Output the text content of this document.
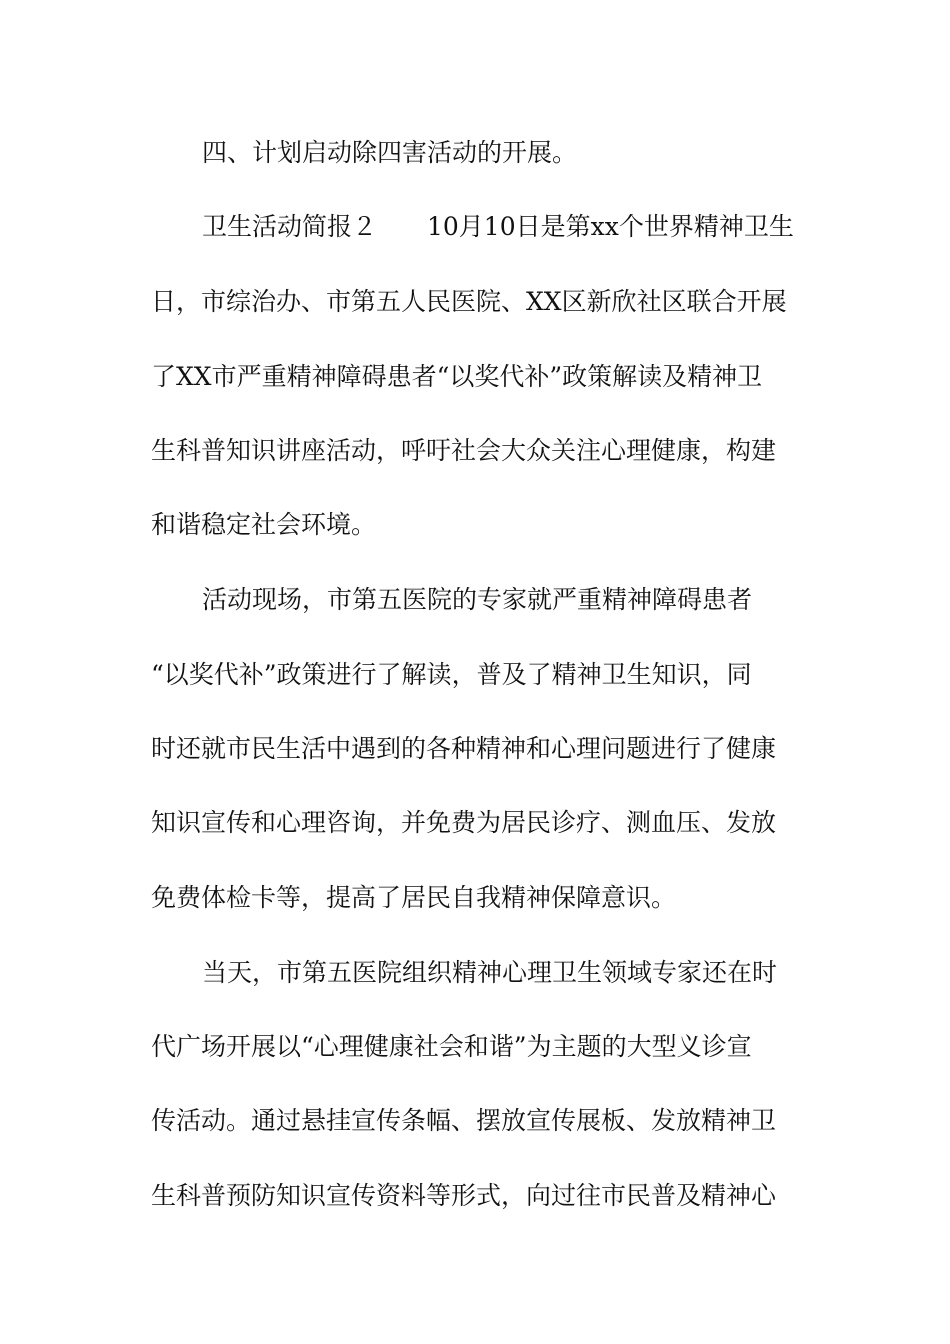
四、计划启动除四害活动的开展。
卫生活动简报２　　10月10日是第xx个世界精神卫生
日，市综治办、市第五人民医院、XX区新欣社区联合开展
了XX市严重精神障碍患者“以奖代补”政策解读及精神卫
生科普知识讲座活动，呼吁社会大众关注心理健康，构建
和谐稳定社会环境。
活动现场，市第五医院的专家就严重精神障碍患者
“以奖代补”政策进行了解读，普及了精神卫生知识，同
时还就市民生活中遇到的各种精神和心理问题进行了健康
知识宣传和心理咨询，并免费为居民诊疗、测血压、发放
免费体检卡等，提高了居民自我精神保障意识。
当天，市第五医院组织精神心理卫生领域专家还在时
代广场开展以“心理健康社会和谐”为主题的大型义诊宣
传活动。通过悬挂宣传条幅、摆放宣传展板、发放精神卫
生科普预防知识宣传资料等形式，向过往市民普及精神心
